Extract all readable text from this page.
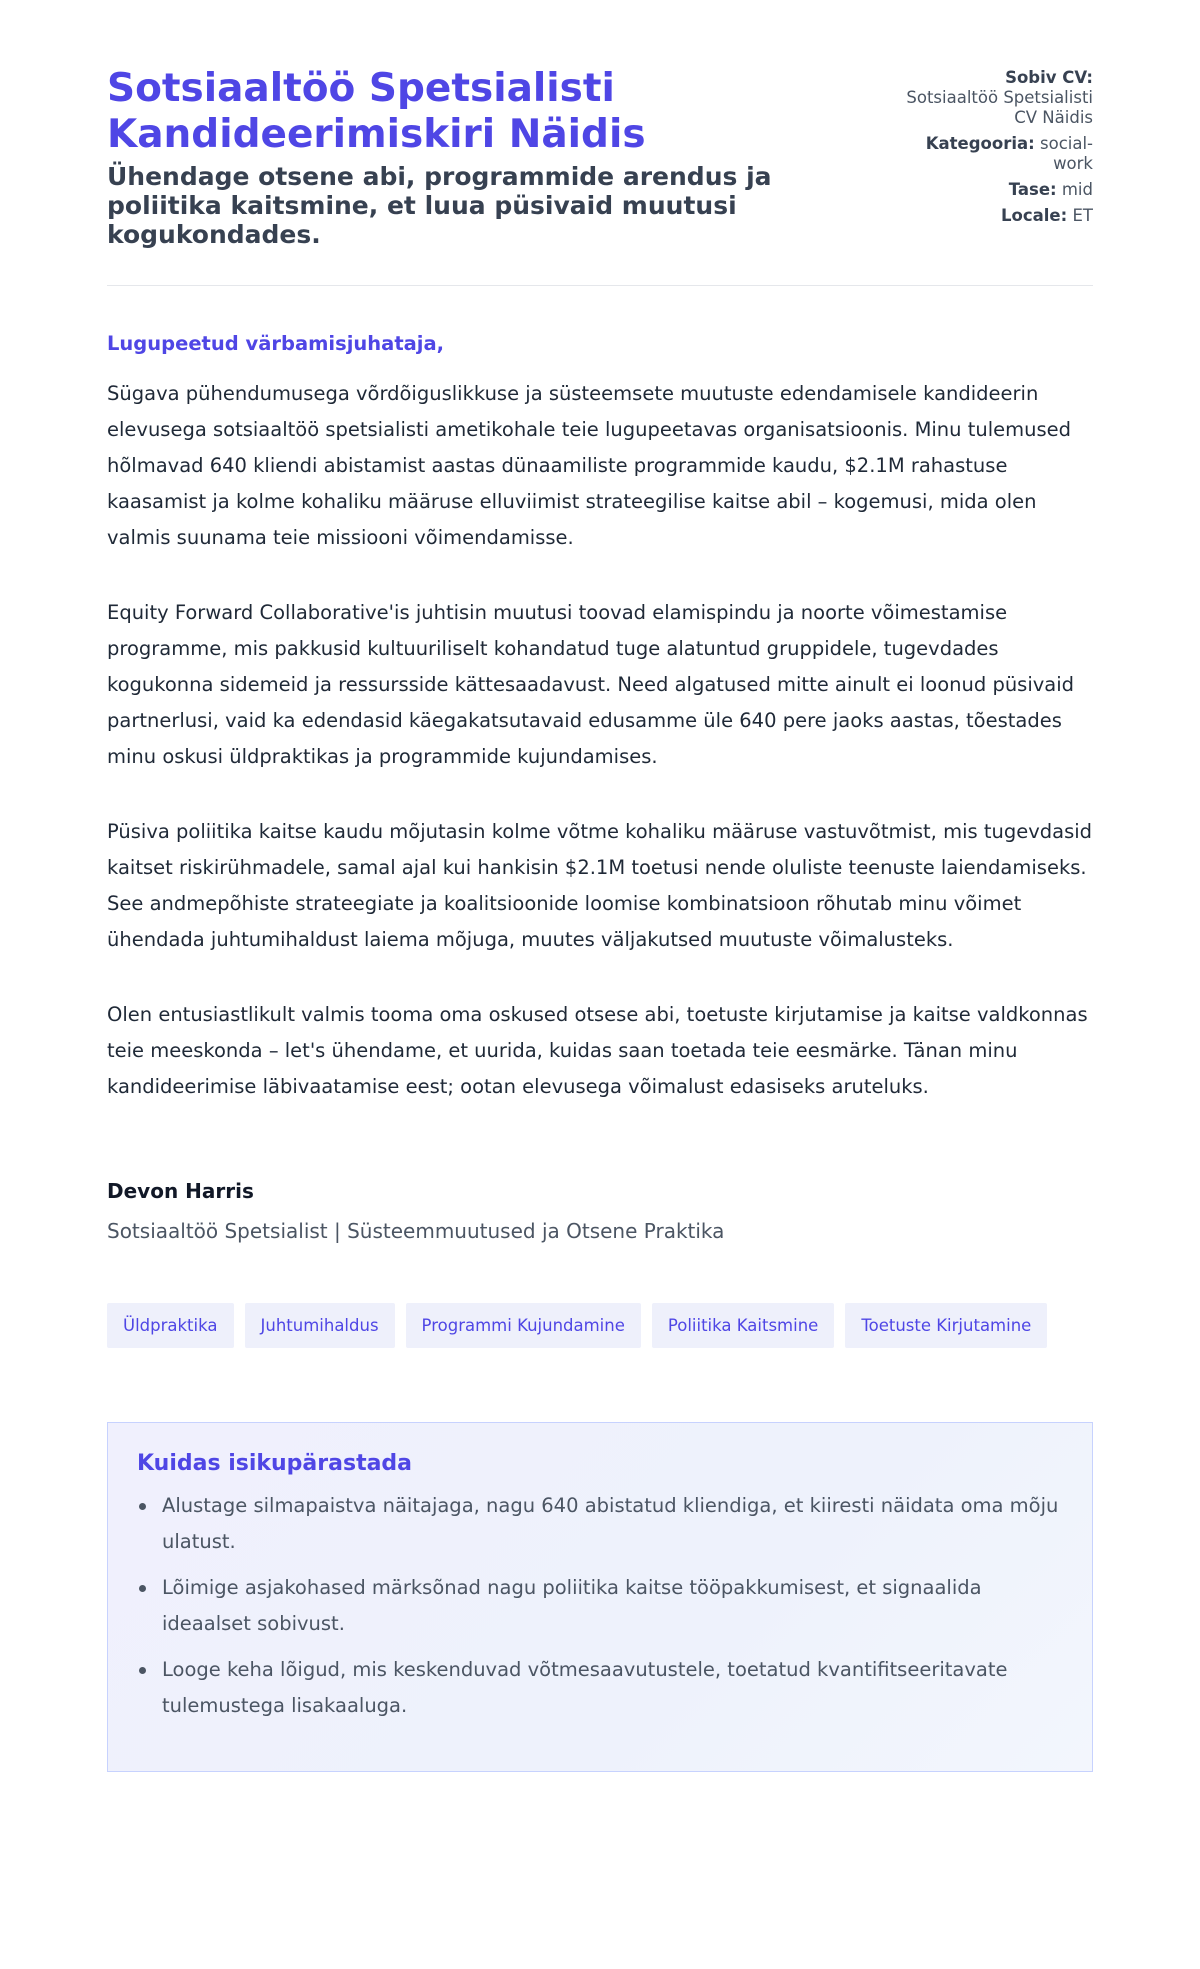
Sotsiaaltöö Spetsialisti
Kandideerimiskiri Näidis
Ühendage otsene abi, programmide arendus ja poliitika kaitsmine, et luua püsivaid muutusi kogukondades.
Sobiv CV:
Sotsiaaltöö Spetsialisti CV Näidis
Kategooria: social-work
Tase: mid
Locale: ET
Lugupeetud värbamisjuhataja,

Sügava pühendumusega võrdõiguslikkuse ja süsteemsete muutuste edendamisele kandideerin elevusega sotsiaaltöö spetsialisti ametikohale teie lugupeetavas organisatsioonis. Minu tulemused hõlmavad 640 kliendi abistamist aastas dünaamiliste programmide kaudu, $2.1M rahastuse kaasamist ja kolme kohaliku määruse elluviimist strateegilise kaitse abil – kogemusi, mida olen valmis suunama teie missiooni võimendamisse.

Equity Forward Collaborative'is juhtisin muutusi toovad elamispindu ja noorte võimestamise programme, mis pakkusid kultuuriliselt kohandatud tuge alatuntud gruppidele, tugevdades kogukonna sidemeid ja ressursside kättesaadavust. Need algatused mitte ainult ei loonud püsivaid partnerlusi, vaid ka edendasid käegakatsutavaid edusamme üle 640 pere jaoks aastas, tõestades minu oskusi üldpraktikas ja programmide kujundamises.

Püsiva poliitika kaitse kaudu mõjutasin kolme võtme kohaliku määruse vastuvõtmist, mis tugevdasid kaitset riskirühmadele, samal ajal kui hankisin $2.1M toetusi nende oluliste teenuste laiendamiseks. See andmepõhiste strateegiate ja koalitsioonide loomise kombinatsioon rõhutab minu võimet ühendada juhtumihaldust laiema mõjuga, muutes väljakutsed muutuste võimalusteks.

Olen entusiastlikult valmis tooma oma oskused otsese abi, toetuste kirjutamise ja kaitse valdkonnas teie meeskonda – let's ühendame, et uurida, kuidas saan toetada teie eesmärke. Tänan minu kandideerimise läbivaatamise eest; ootan elevusega võimalust edasiseks aruteluks.

Devon Harris
Sotsiaaltöö Spetsialist | Süsteemmuutused ja Otsene Praktika
Üldpraktika	Juhtumihaldus	Programmi Kujundamine	Poliitika Kaitsmine	Toetuste Kirjutamine
Kuidas isikupärastada
Alustage silmapaistva näitajaga, nagu 640 abistatud kliendiga, et kiiresti näidata oma mõju ulatust.
Lõimige asjakohased märksõnad nagu poliitika kaitse tööpakkumisest, et signaalida ideaalset sobivust.
Looge keha lõigud, mis keskenduvad võtmesaavutustele, toetatud kvantifitseeritavate tulemustega lisakaaluga.
